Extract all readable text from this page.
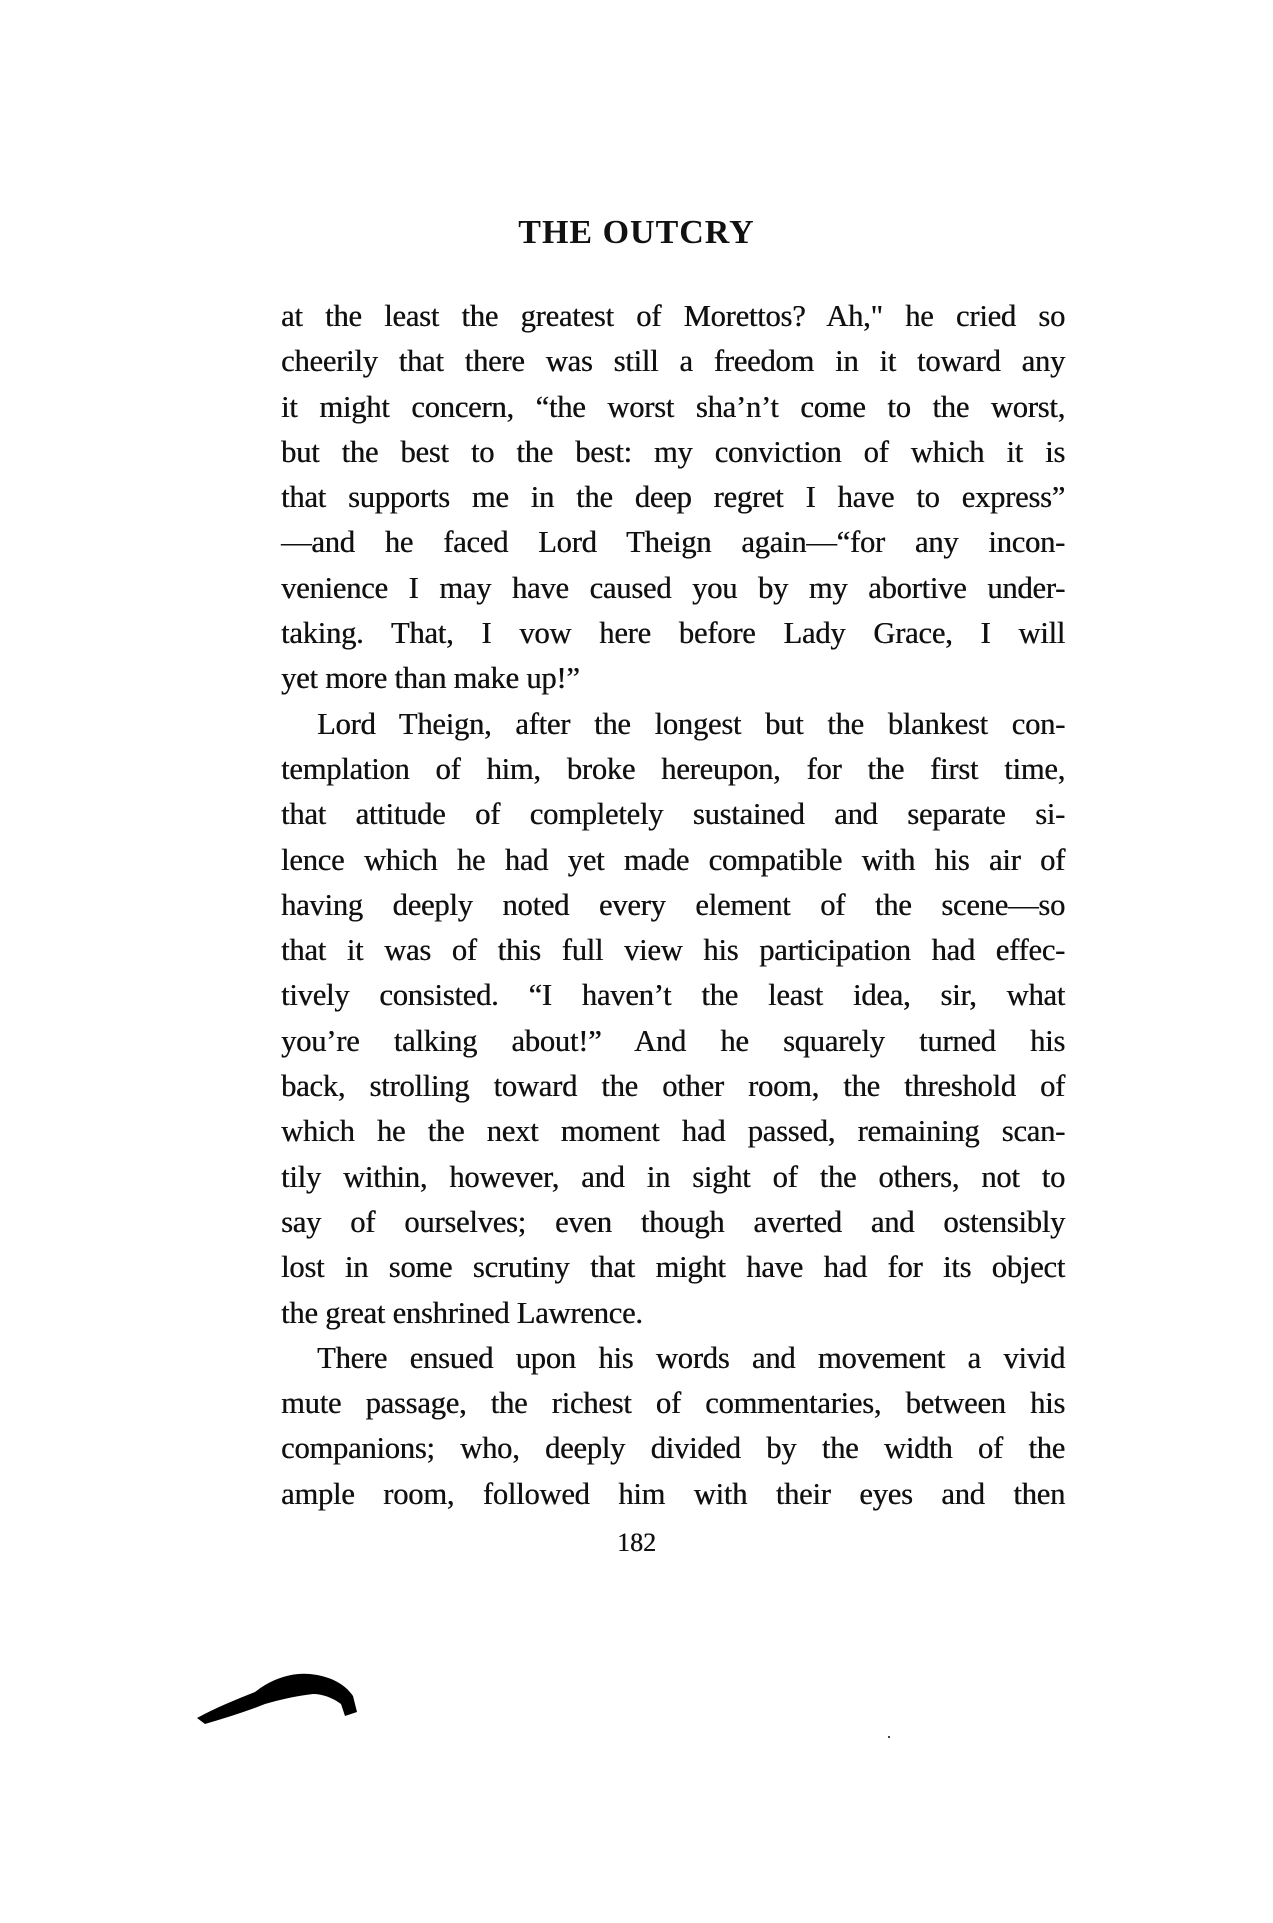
THE OUTCRY
at the least the greatest of Morettos? Ah," he cried so
cheerily that there was still a freedom in it toward any
it might concern, “the worst sha’n’t come to the worst,
but the best to the best: my conviction of which it is
that supports me in the deep regret I have to express”
—and he faced Lord Theign again—“for any incon-
venience I may have caused you by my abortive under-
taking. That, I vow here before Lady Grace, I will
yet more than make up!”
Lord Theign, after the longest but the blankest con-
templation of him, broke hereupon, for the first time,
that attitude of completely sustained and separate si-
lence which he had yet made compatible with his air of
having deeply noted every element of the scene—so
that it was of this full view his participation had effec-
tively consisted. “I haven’t the least idea, sir, what
you’re talking about!” And he squarely turned his
back, strolling toward the other room, the threshold of
which he the next moment had passed, remaining scan-
tily within, however, and in sight of the others, not to
say of ourselves; even though averted and ostensibly
lost in some scrutiny that might have had for its object
the great enshrined Lawrence.
There ensued upon his words and movement a vivid
mute passage, the richest of commentaries, between his
companions; who, deeply divided by the width of the
ample room, followed him with their eyes and then
182
